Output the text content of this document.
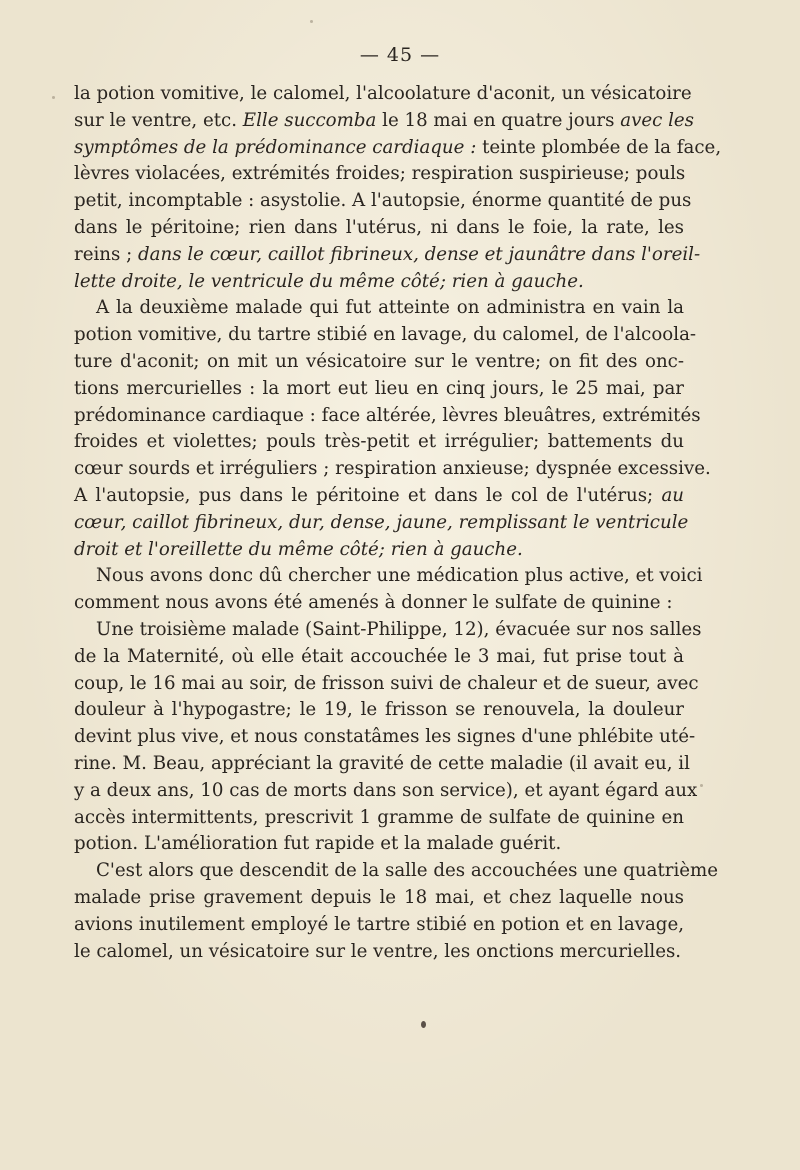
— 45 —
la potion vomitive, le calomel, l'alcoolature d'aconit, un vésicatoire
sur le ventre, etc. Elle succomba le 18 mai en quatre jours avec les
symptômes de la prédominance cardiaque : teinte plombée de la face,
lèvres violacées, extrémités froides; respiration suspirieuse; pouls
petit, incomptable : asystolie. A l'autopsie, énorme quantité de pus
dans le péritoine; rien dans l'utérus, ni dans le foie, la rate, les
reins ; dans le cœur, caillot fibrineux, dense et jaunâtre dans l'oreil-
lette droite, le ventricule du même côté; rien à gauche.
A la deuxième malade qui fut atteinte on administra en vain la
potion vomitive, du tartre stibié en lavage, du calomel, de l'alcoola-
ture d'aconit; on mit un vésicatoire sur le ventre; on fit des onc-
tions mercurielles : la mort eut lieu en cinq jours, le 25 mai, par
prédominance cardiaque : face altérée, lèvres bleuâtres, extrémités
froides et violettes; pouls très-petit et irrégulier; battements du
cœur sourds et irréguliers ; respiration anxieuse; dyspnée excessive.
A l'autopsie, pus dans le péritoine et dans le col de l'utérus; au
cœur, caillot fibrineux, dur, dense, jaune, remplissant le ventricule
droit et l'oreillette du même côté; rien à gauche.
Nous avons donc dû chercher une médication plus active, et voici
comment nous avons été amenés à donner le sulfate de quinine :
Une troisième malade (Saint-Philippe, 12), évacuée sur nos salles
de la Maternité, où elle était accouchée le 3 mai, fut prise tout à
coup, le 16 mai au soir, de frisson suivi de chaleur et de sueur, avec
douleur à l'hypogastre; le 19, le frisson se renouvela, la douleur
devint plus vive, et nous constatâmes les signes d'une phlébite uté-
rine. M. Beau, appréciant la gravité de cette maladie (il avait eu, il
y a deux ans, 10 cas de morts dans son service), et ayant égard aux
accès intermittents, prescrivit 1 gramme de sulfate de quinine en
potion. L'amélioration fut rapide et la malade guérit.
C'est alors que descendit de la salle des accouchées une quatrième
malade prise gravement depuis le 18 mai, et chez laquelle nous
avions inutilement employé le tartre stibié en potion et en lavage,
le calomel, un vésicatoire sur le ventre, les onctions mercurielles.
